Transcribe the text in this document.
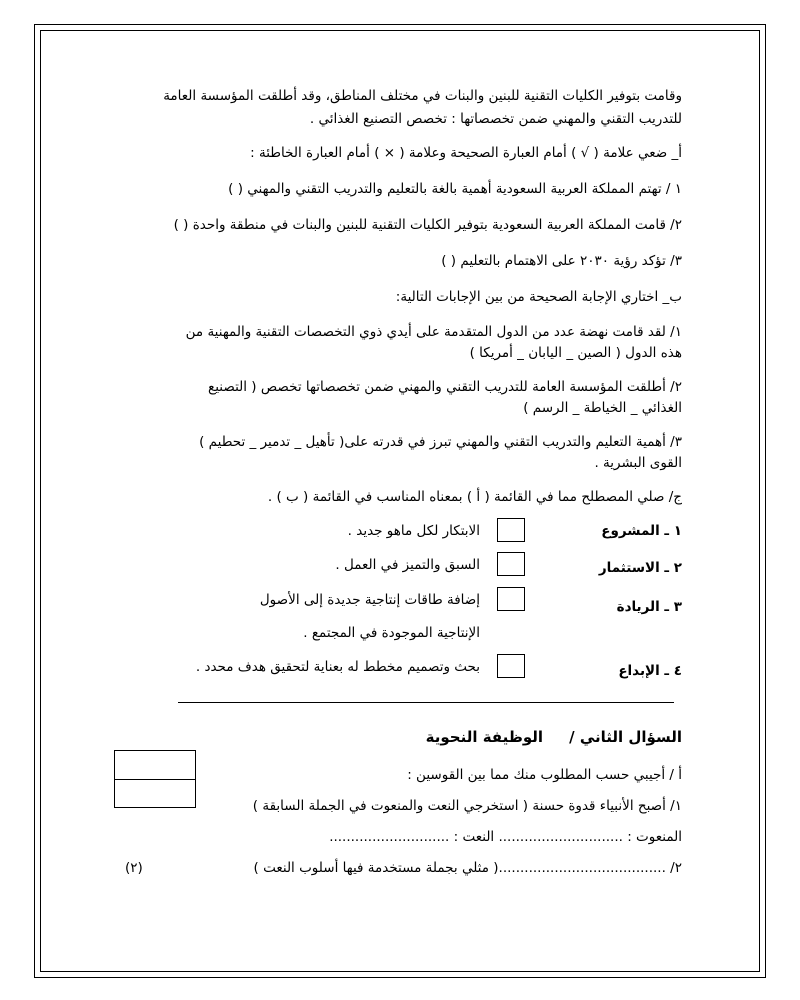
وقامت بتوفير الكليات التقنية للبنين والبنات في مختلف المناطق، وقد أطلقت المؤسسة العامة
للتدريب التقني والمهني ضمن تخصصاتها : تخصص التصنيع الغذائي .
أ_ ضعي علامة ( √ ) أمام العبارة الصحيحة وعلامة ( × ) أمام العبارة الخاطئة :
١ / تهتم المملكة العربية السعودية أهمية بالغة بالتعليم والتدريب التقني والمهني ( )
٢/ قامت المملكة العربية السعودية بتوفير الكليات التقنية للبنين والبنات في منطقة واحدة ( )
٣/ تؤكد رؤية ٢٠٣٠ على الاهتمام بالتعليم ( )
ب_ اختاري الإجابة الصحيحة من بين الإجابات التالية:
١/ لقد قامت نهضة عدد من الدول المتقدمة على أيدي ذوي التخصصات التقنية والمهنية من
هذه الدول ( الصين _ اليابان _ أمريكا )
٢/ أطلقت المؤسسة العامة للتدريب التقني والمهني ضمن تخصصاتها تخصص ( التصنيع
الغذائي _ الخياطة _ الرسم )
٣/ أهمية التعليم والتدريب التقني والمهني تبرز في قدرته على( تأهيل _ تدمير _ تحطيم )
القوى البشرية .
ج/ صلي المصطلح مما في القائمة ( أ ) بمعناه المناسب في القائمة ( ب ) .
١ ـ المشروع
الابتكار لكل ماهو جديد .
٢ ـ الاستثمار
السبق والتميز في العمل .
٣ ـ الريادة
إضافة طاقات إنتاجية جديدة إلى الأصول
الإنتاجية الموجودة في المجتمع .
٤ ـ الإبداع
بحث وتصميم مخطط له بعناية لتحقيق هدف محدد .
السؤال الثاني /     الوظيفة النحوية
أ / أجيبي حسب المطلوب منك مما بين القوسين :
١/ أصبح الأنبياء قدوة حسنة ( استخرجي النعت والمنعوت في الجملة السابقة )
المنعوت : ............................. النعت : ............................
٢/ .......................................( مثلي بجملة مستخدمة فيها أسلوب النعت )
(٢)
